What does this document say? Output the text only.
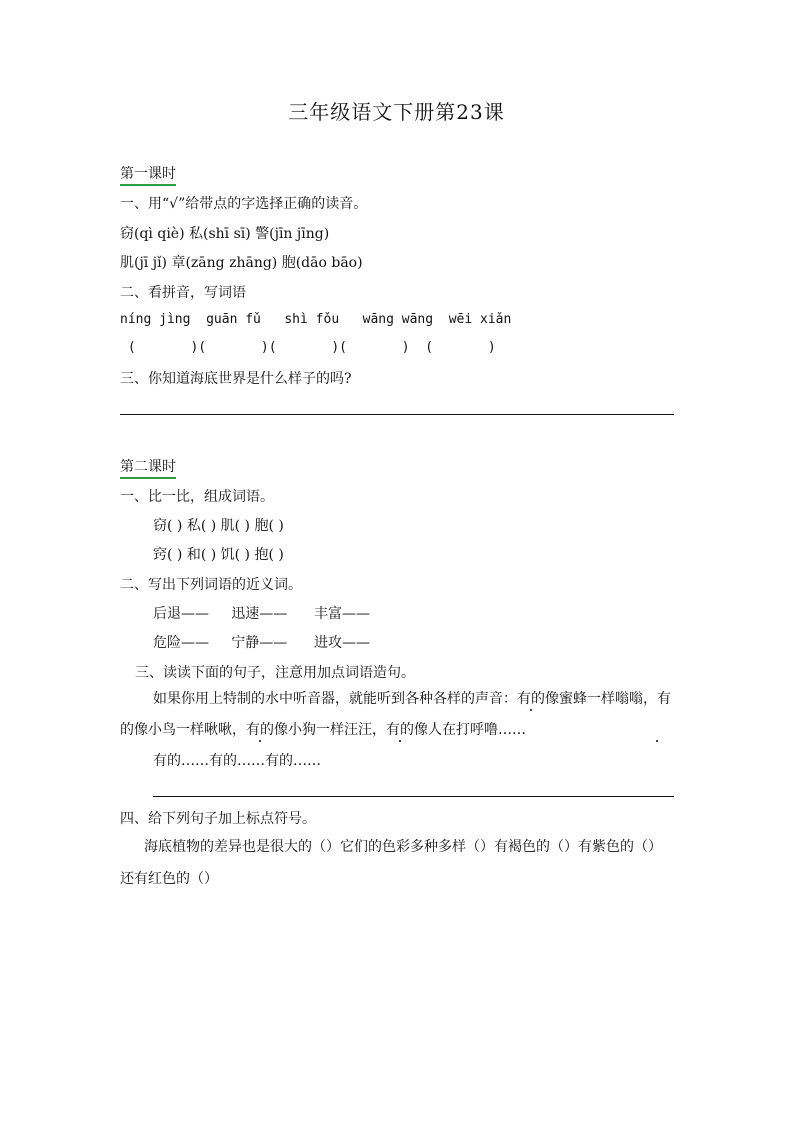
三年级语文下册第23课
第一课时
一、用“√”给带点的字选择正确的读音。
窃(qì qiè) 私(shī sī) 警(jīn jīng)
肌(jī jǐ) 章(zāng zhāng) 胞(dāo bāo)
二、看拼音，写词语
níng jìng  guān fǔ   shì fǒu   wāng wāng  wēi xiǎn
(       )(       )(       )(       )  (       )
三、你知道海底世界是什么样子的吗?
第二课时
一、比一比，组成词语。
窃( ) 私( ) 肌( ) 胞( )
窍( ) 和( ) 饥( ) 抱( )
二、写出下列词语的近义词。
后退——     迅速——      丰富——
危险——     宁静——      进攻——
三、读读下面的句子，注意用加点词语造句。
如果你用上特制的水中听音器，就能听到各种各样的声音：有的像蜜蜂一样嗡嗡，有的像小鸟一样啾啾，有的像小狗一样汪汪，有的像人在打呼噜……
有的……有的……有的……
四、给下列句子加上标点符号。
海底植物的差异也是很大的（）它们的色彩多种多样（）有褐色的（）有紫色的（）还有红色的（）
